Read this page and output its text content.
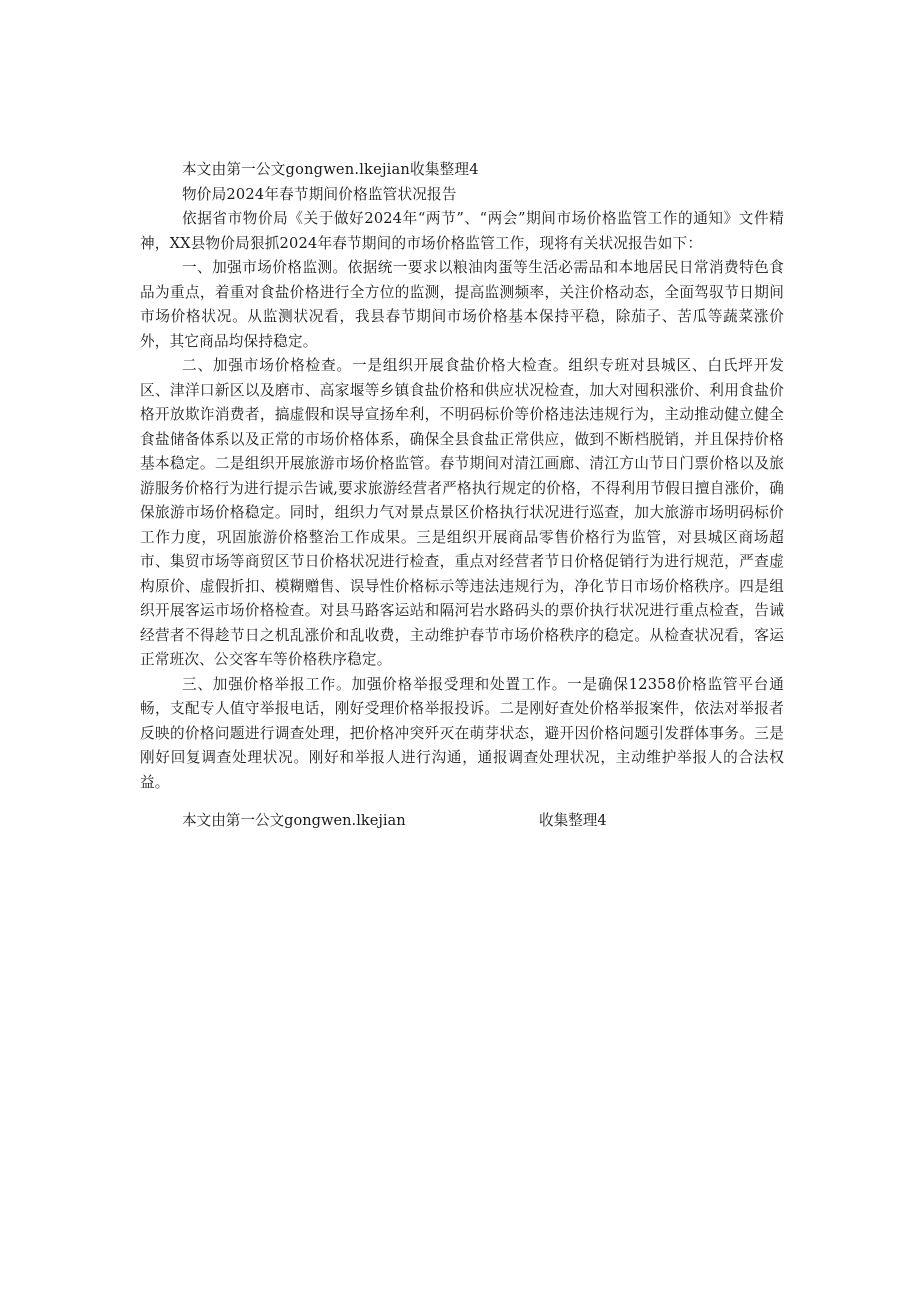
本文由第一公文gongwen.lkejian收集整理4

物价局2024年春节期间价格监管状况报告

依据省市物价局《关于做好2024年“两节”、“两会”期间市场价格监管工作的通知》文件精神，XX县物价局狠抓2024年春节期间的市场价格监管工作，现将有关状况报告如下：

一、加强市场价格监测。依据统一要求以粮油肉蛋等生活必需品和本地居民日常消费特色食品为重点，着重对食盐价格进行全方位的监测，提高监测频率，关注价格动态，全面驾驭节日期间市场价格状况。从监测状况看，我县春节期间市场价格基本保持平稳，除茄子、苦瓜等蔬菜涨价外，其它商品均保持稳定。

二、加强市场价格检查。一是组织开展食盐价格大检查。组织专班对县城区、白氏坪开发区、津洋口新区以及磨市、高家堰等乡镇食盐价格和供应状况检查，加大对囤积涨价、利用食盐价格开放欺诈消费者，搞虚假和误导宣扬牟利，不明码标价等价格违法违规行为，主动推动健立健全食盐储备体系以及正常的市场价格体系，确保全县食盐正常供应，做到不断档脱销，并且保持价格基本稳定。二是组织开展旅游市场价格监管。春节期间对清江画廊、清江方山节日门票价格以及旅游服务价格行为进行提示告诫,要求旅游经营者严格执行规定的价格，不得利用节假日擅自涨价，确保旅游市场价格稳定。同时，组织力气对景点景区价格执行状况进行巡查，加大旅游市场明码标价工作力度，巩固旅游价格整治工作成果。三是组织开展商品零售价格行为监管，对县城区商场超市、集贸市场等商贸区节日价格状况进行检查，重点对经营者节日价格促销行为进行规范，严查虚构原价、虚假折扣、模糊赠售、误导性价格标示等违法违规行为，净化节日市场价格秩序。四是组织开展客运市场价格检查。对县马路客运站和隔河岩水路码头的票价执行状况进行重点检查，告诫经营者不得趁节日之机乱涨价和乱收费，主动维护春节市场价格秩序的稳定。从检查状况看，客运正常班次、公交客车等价格秩序稳定。

三、加强价格举报工作。加强价格举报受理和处置工作。一是确保12358价格监管平台通畅，支配专人值守举报电话，刚好受理价格举报投诉。二是刚好查处价格举报案件，依法对举报者反映的价格问题进行调查处理，把价格冲突歼灭在萌芽状态，避开因价格问题引发群体事务。三是刚好回复调查处理状况。刚好和举报人进行沟通，通报调查处理状况，主动维护举报人的合法权益。

本文由第一公文gongwen.lkejian	收集整理4
